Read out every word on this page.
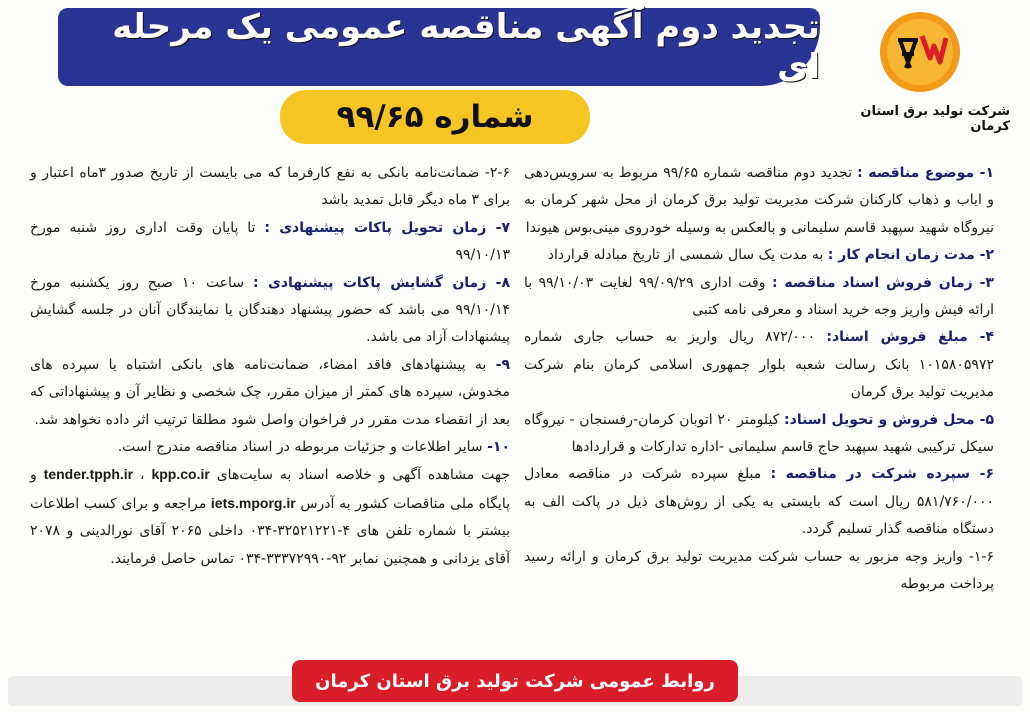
تجدید دوم آگهی مناقصه عمومی یک مرحله ای
شرکت تولید برق استان کرمان
شماره ۹۹/۶۵

۱- موضوع مناقصه : تجدید دوم مناقصه شماره ۹۹/۶۵ مربوط به سرویس‌دهی و ایاب و ذهاب کارکنان شرکت مدیریت تولید برق کرمان از محل شهر کرمان به نیروگاه شهید سپهبد قاسم سلیمانی و بالعکس به وسیله خودروی مینی‌بوس هیوندا

۲- مدت زمان انجام کار : به مدت یک سال شمسی از تاریخ مبادله قرارداد

۳- زمان فروش اسناد مناقصه : وقت اداری ۹۹/۰۹/۲۹ لغایت ۹۹/۱۰/۰۳ با ارائه فیش واریز وجه خرید اسناد و معرفی نامه کتبی

۴- مبلغ فروش اسناد: ۸۷۲/۰۰۰ ریال واریز به حساب جاری شماره ۱۰۱۵۸۰۵۹۷۲ بانک رسالت شعبه بلوار جمهوری اسلامی کرمان بنام شرکت مدیریت تولید برق کرمان

۵- محل فروش و تحویل اسناد: کیلومتر ۲۰ اتوبان کرمان-رفسنجان - نیروگاه سیکل ترکیبی شهید سپهبد حاج قاسم سلیمانی -اداره تدارکات و قراردادها

۶- سپرده شرکت در مناقصه : مبلغ سپرده شرکت در مناقصه معادل ۵۸۱/۷۶۰/۰۰۰ ریال است که بایستی به یکی از روش‌های ذیل در پاکت الف به دستگاه مناقصه گذار تسلیم گردد.

۱-۶- واریز وجه مزبور به حساب شرکت مدیریت تولید برق کرمان و ارائه رسید پرداخت مربوطه

۲-۶- ضمانت‌نامه بانکی به نفع کارفرما که می بایست از تاریخ صدور ۳ماه اعتبار و برای ۳ ماه دیگر قابل تمدید باشد

۷- زمان تحویل پاکات پیشنهادی : تا پایان وقت اداری روز شنبه مورخ ۹۹/۱۰/۱۳

۸- زمان گشایش پاکات پیشنهادی : ساعت ۱۰ صبح روز یکشنبه مورخ ۹۹/۱۰/۱۴ می باشد که حضور پیشنهاد دهندگان یا نمایندگان آنان در جلسه گشایش پیشنهادات آزاد می باشد.

۹- به پیشنهادهای فاقد امضاء، ضمانت‌نامه های بانکی اشتباه یا سپرده های مخدوش، سپرده های کمتر از میزان مقرر، چک شخصی و نظایر آن و پیشنهاداتی که بعد از انقضاء مدت مقرر در فراخوان واصل شود مطلقا ترتیب اثر داده نخواهد شد.

۱۰- سایر اطلاعات و جزئیات مربوطه در اسناد مناقصه مندرج است.

جهت مشاهده آگهی و خلاصه اسناد به سایت‌های tender.tpph.ir ، kpp.co.ir و پایگاه ملی مناقصات کشور به آدرس iets.mporg.ir مراجعه و برای کسب اطلاعات بیشتر با شماره تلفن های ۴-۳۲۵۲۱۲۲۱-۰۳۴ داخلی ۲۰۶۵ آقای نورالدینی و ۲۰۷۸ آقای یزدانی و همچنین نمابر ۹۲-۳۳۳۷۲۹۹۰-۰۳۴ تماس حاصل فرمایند.

روابط عمومی شرکت تولید برق استان کرمان
